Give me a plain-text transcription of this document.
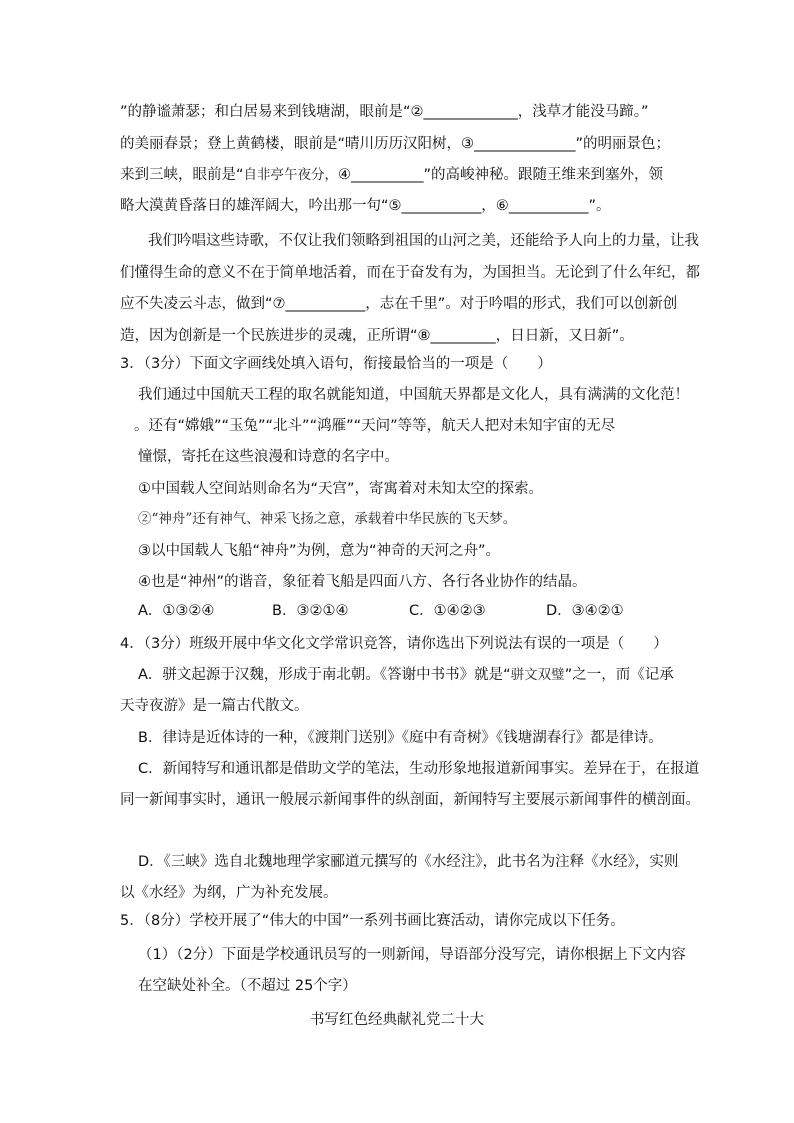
”的静谧萧瑟；和白居易来到钱塘湖，眼前是“②_____________，浅草才能没马蹄。”
的美丽春景；登上黄鹤楼，眼前是“晴川历历汉阳树，③______________”的明丽景色；
来到三峡，眼前是“自非亭午夜分，④__________”的高峻神秘。跟随王维来到塞外，领
略大漠黄昏落日的雄浑阔大，吟出那一句“⑤___________，⑥___________”。
我们吟唱这些诗歌，不仅让我们领略到祖国的山河之美，还能给予人向上的力量，让我
们懂得生命的意义不在于简单地活着，而在于奋发有为，为国担当。无论到了什么年纪，都
应不失凌云斗志，做到“⑦___________，志在千里”。对于吟唱的形式，我们可以创新创
造，因为创新是一个民族进步的灵魂，正所谓“⑧_________，日日新，又日新”。
3．（3分）下面文字画线处填入语句，衔接最恰当的一项是（　　）
我们通过中国航天工程的取名就能知道，中国航天界都是文化人，具有满满的文化范！
。还有“嫦娥”“玉兔”“北斗”“鸿雁”“天问”等等，航天人把对未知宇宙的无尽
憧憬，寄托在这些浪漫和诗意的名字中。
①中国载人空间站则命名为“天宫”，寄寓着对未知太空的探索。
②“神舟”还有神气、神采飞扬之意，承载着中华民族的飞天梦。
③以中国载人飞船“神舟”为例，意为“神奇的天河之舟”。
④也是“神州”的谐音，象征着飞船是四面八方、各行各业协作的结晶。
A．①③②④	B．③②①④	C．①④②③	D．③④②①
4．（3分）班级开展中华文化文学常识竞答，请你选出下列说法有误的一项是（　　）
A．骈文起源于汉魏，形成于南北朝。《答谢中书书》就是“骈文双璧”之一，而《记承
天寺夜游》是一篇古代散文。
B．律诗是近体诗的一种，《渡荆门送别》《庭中有奇树》《钱塘湖春行》都是律诗。
C．新闻特写和通讯都是借助文学的笔法，生动形象地报道新闻事实。差异在于，在报道
同一新闻事实时，通讯一般展示新闻事件的纵剖面，新闻特写主要展示新闻事件的横剖面。
D．《三峡》选自北魏地理学家郦道元撰写的《水经注》，此书名为注释《水经》，实则
以《水经》为纲，广为补充发展。
5．（8分）学校开展了“伟大的中国”一系列书画比赛活动，请你完成以下任务。
（1）（2分）下面是学校通讯员写的一则新闻，导语部分没写完，请你根据上下文内容
在空缺处补全。（不超过 25个字）
书写红色经典献礼党二十大
